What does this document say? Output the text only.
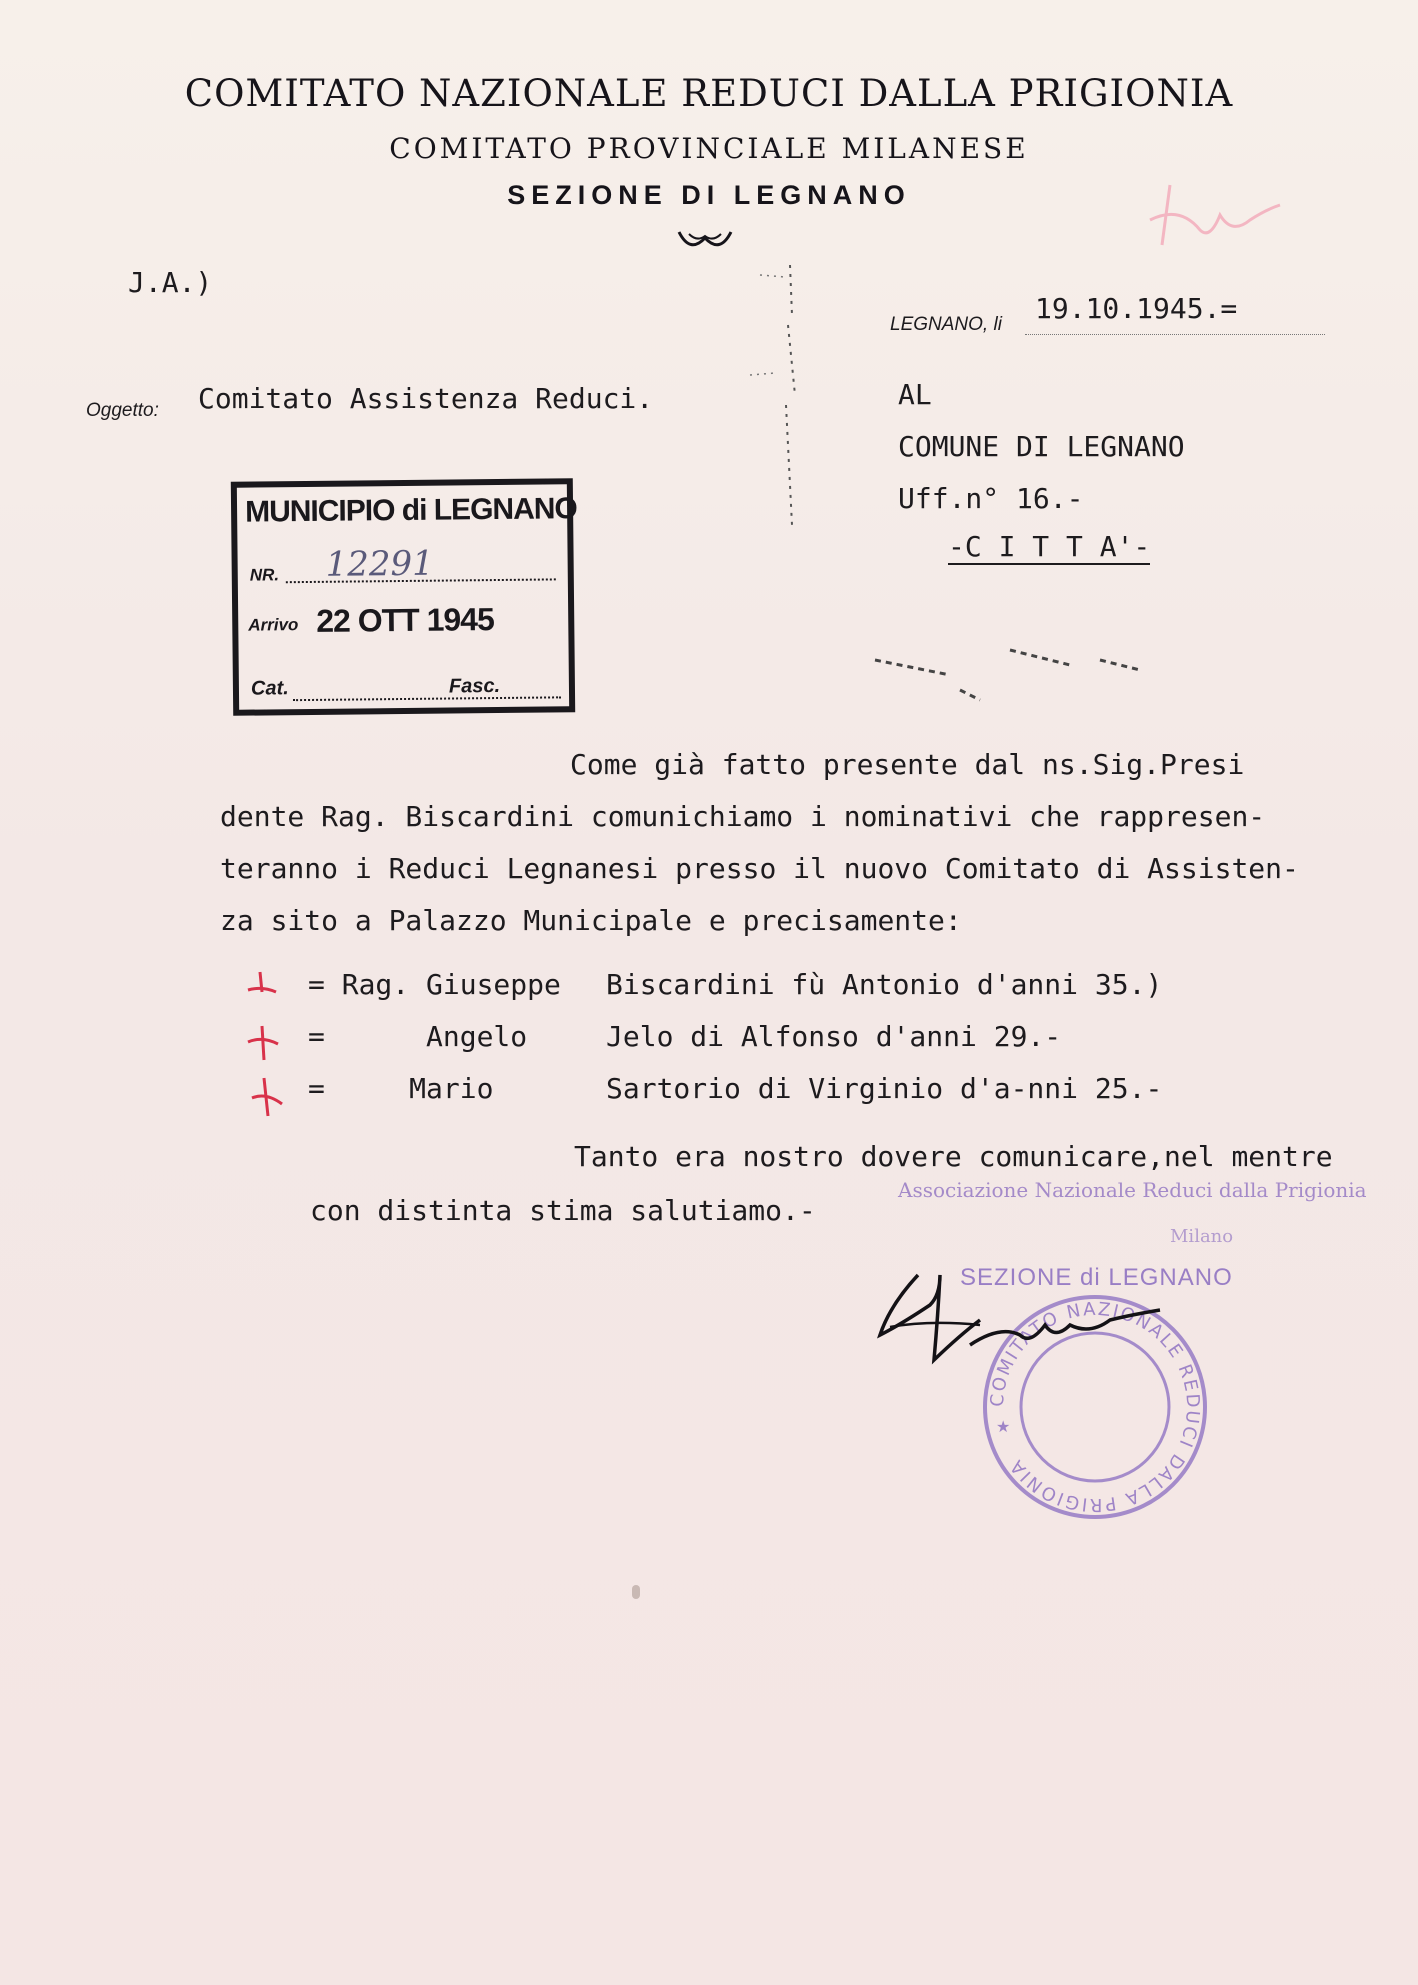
COMITATO NAZIONALE REDUCI DALLA PRIGIONIA
COMITATO PROVINCIALE MILANESE
SEZIONE DI LEGNANO
J.A.)
LEGNANO, li 19.10.1945.=
Oggetto: Comitato Assistenza Reduci.	AL
COMUNE DI LEGNANO
Uff.n° 16.-
-C I T T A'-
MUNICIPIO di LEGNANO
NR. 12291
Arrivo 22 OTT 1945
Cat.	Fasc.
Come già fatto presente dal ns.Sig.Presi
dente Rag. Biscardini comunichiamo i nominativi che rappresen-
teranno i Reduci Legnanesi presso il nuovo Comitato di Assisten-
za sito a Palazzo Municipale e precisamente:
= Rag. Giuseppe Biscardini fù Antonio d'anni 35.)
=      Angelo	Jelo di Alfonso d'anni 29.-
=     Mario	Sartorio di Virginio d'a-nni 25.-
Tanto era nostro dovere comunicare,nel mentre
con distinta stima salutiamo.-
Associazione Nazionale Reduci dalla Prigionia
Milano
SEZIONE di LEGNANO
COMITATO NAZIONALE REDUCI DALLA PRIGIONIA
★
